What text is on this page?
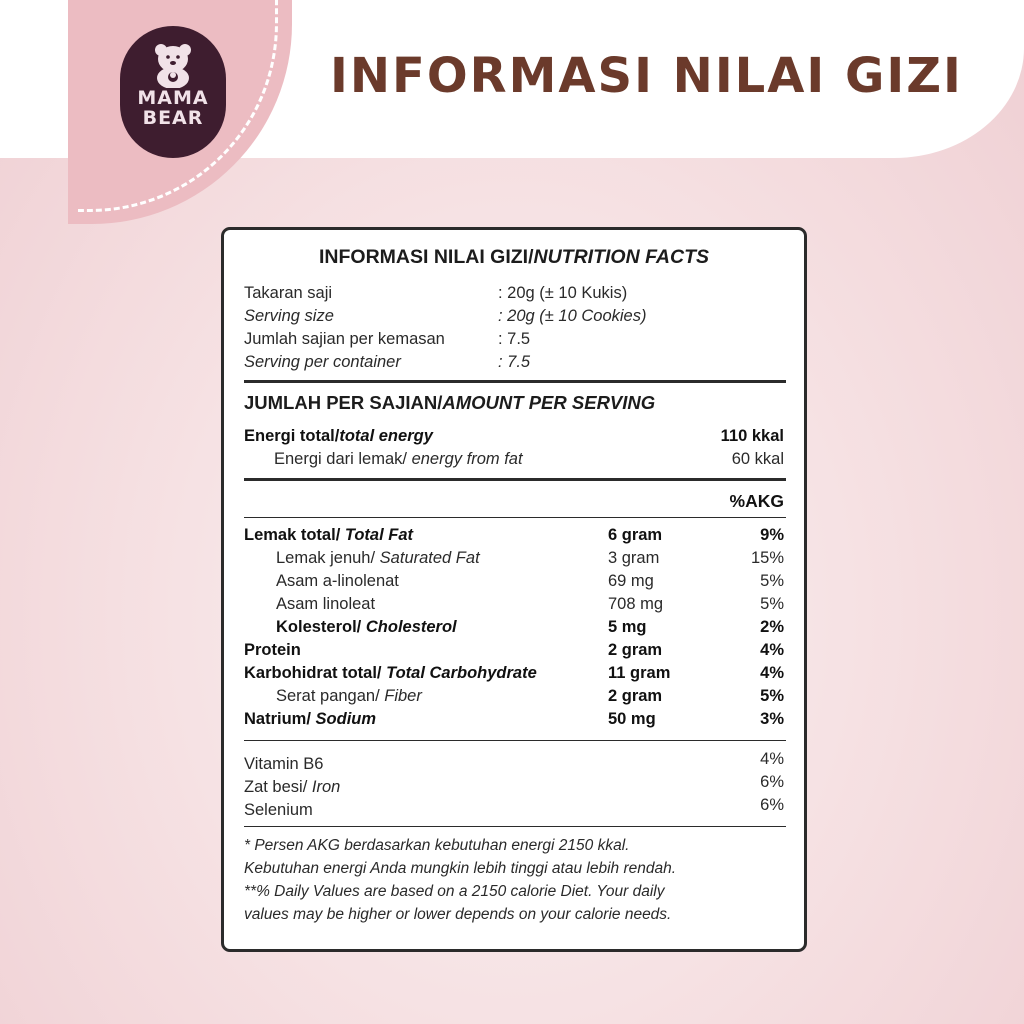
MAMA
BEAR
INFORMASI NILAI GIZI
INFORMASI NILAI GIZI/NUTRITION FACTS
Takaran saji	: 20g (± 10 Kukis)
Serving size	: 20g (± 10 Cookies)
Jumlah sajian per kemasan	: 7.5
Serving per container	: 7.5
JUMLAH PER SAJIAN/AMOUNT PER SERVING
Energi total/total energy	110 kkal
Energi dari lemak/ energy from fat	60 kkal
%AKG
Lemak total/ Total Fat	6 gram	9%
Lemak jenuh/ Saturated Fat	3 gram	15%
Asam a-linolenat	69 mg	5%
Asam linoleat	708 mg	5%
Kolesterol/ Cholesterol	5 mg	2%
Protein	2 gram	4%
Karbohidrat total/ Total Carbohydrate	11 gram	4%
Serat pangan/ Fiber	2 gram	5%
Natrium/ Sodium	50 mg	3%
Vitamin B6	4%
Zat besi/ Iron	6%
Selenium	6%
* Persen AKG berdasarkan kebutuhan energi 2150 kkal.
Kebutuhan energi Anda mungkin lebih tinggi atau lebih rendah.
**% Daily Values are based on a 2150 calorie Diet. Your daily
values may be higher or lower depends on your calorie needs.
